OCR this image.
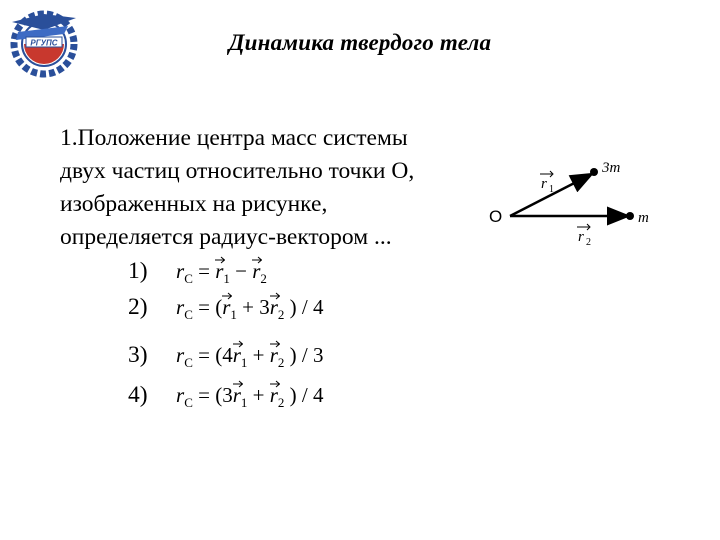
РГУПС	Динамика твердого тела
1.Положение центра масс системы
двух частиц относительно точки О,
изображенных на рисунке,
определяется радиус-вектором ...
O
3m
m
r 1
r 2
1) $r_C = r_1 - r_2$
2) $r_C$ = (
$r_1 + 3$
$r_2$ ) / 4
3) $r_C = (4$
$r_1 + r_2$ ) / 3
4) $r_C = (3$
$r_1 + r_2$ ) / 4
